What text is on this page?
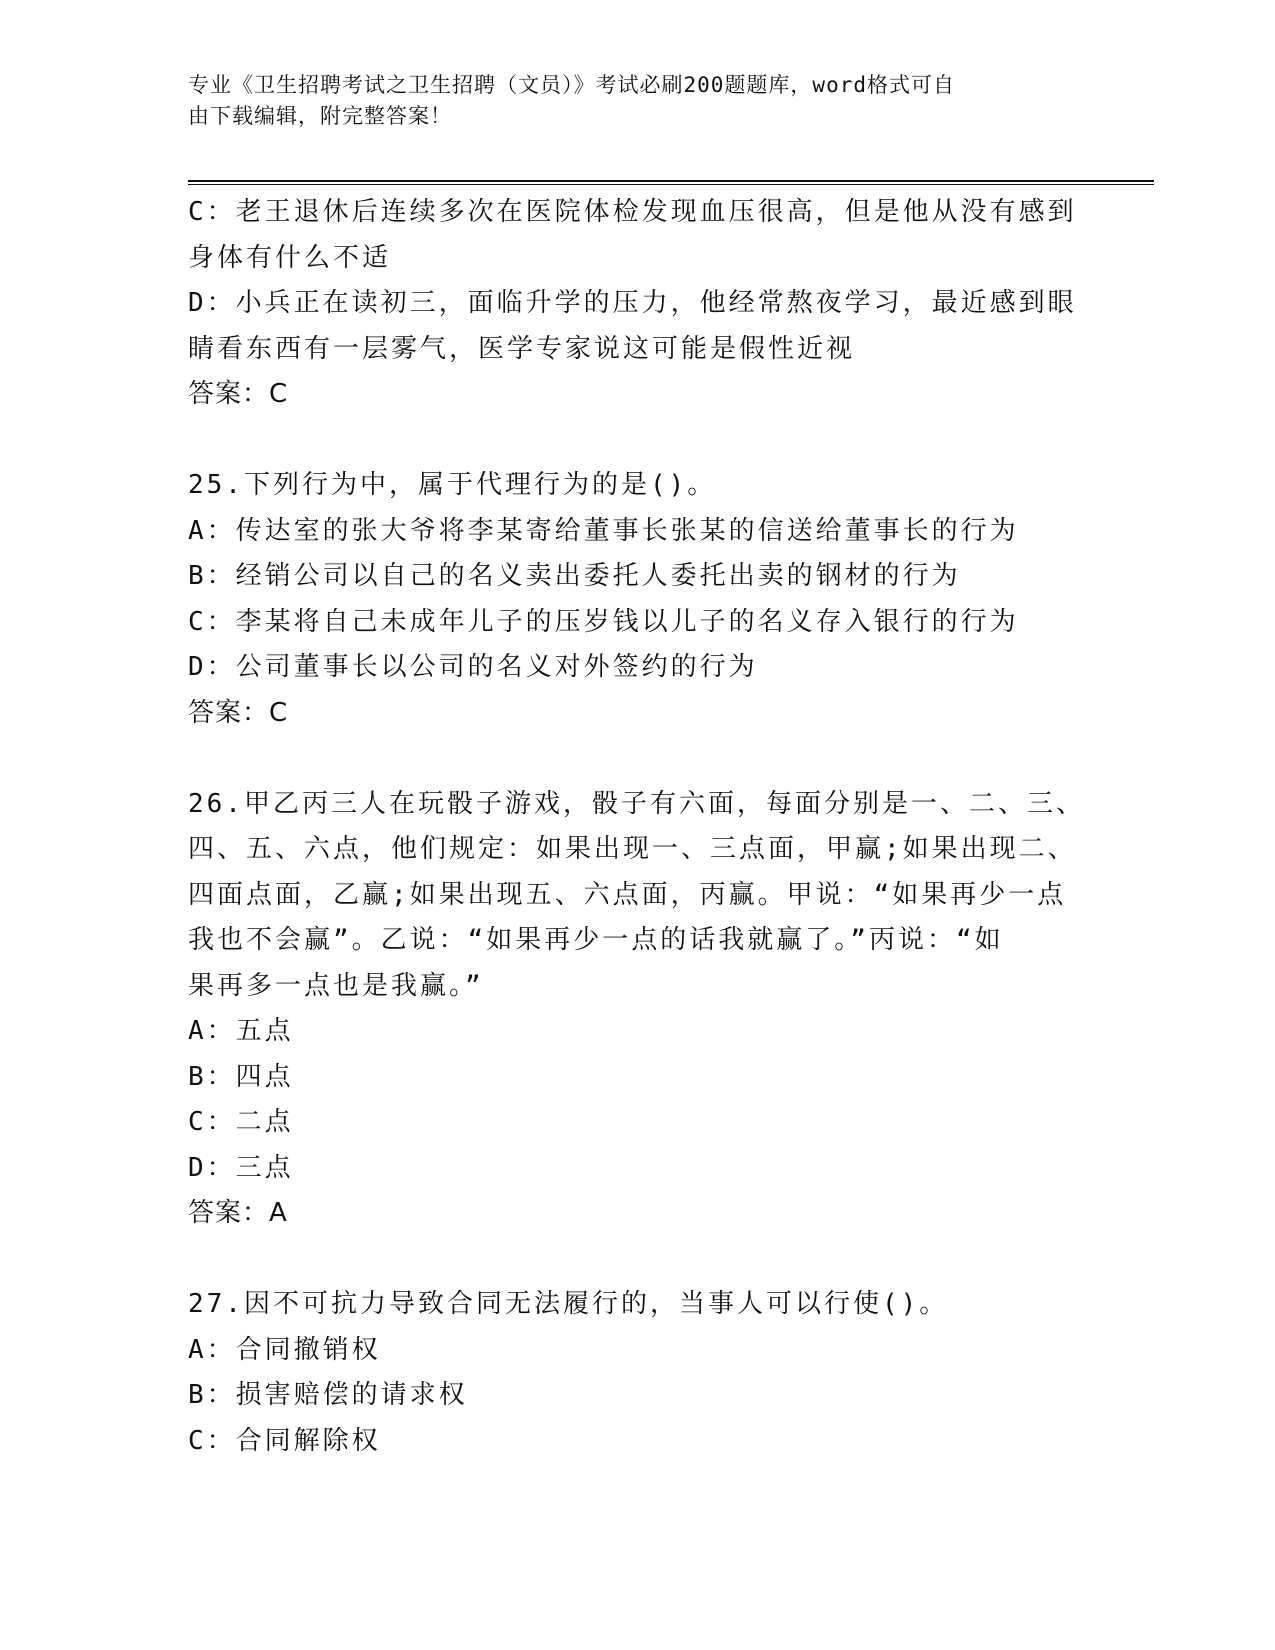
专业《卫生招聘考试之卫生招聘（文员）》考试必刷200题题库，word格式可自
由下载编辑，附完整答案！
C：老王退休后连续多次在医院体检发现血压很高，但是他从没有感到
身体有什么不适
D：小兵正在读初三，面临升学的压力，他经常熬夜学习，最近感到眼
睛看东西有一层雾气，医学专家说这可能是假性近视
答案：C
25.下列行为中，属于代理行为的是()。
A：传达室的张大爷将李某寄给董事长张某的信送给董事长的行为
B：经销公司以自己的名义卖出委托人委托出卖的钢材的行为
C：李某将自己未成年儿子的压岁钱以儿子的名义存入银行的行为
D：公司董事长以公司的名义对外签约的行为
答案：C
26.甲乙丙三人在玩骰子游戏，骰子有六面，每面分别是一、二、三、
四、五、六点，他们规定：如果出现一、三点面，甲赢;如果出现二、
四面点面，乙赢;如果出现五、六点面，丙赢。甲说：“如果再少一点
我也不会赢”。乙说：“如果再少一点的话我就赢了。”丙说：“如
果再多一点也是我赢。”
A：五点
B：四点
C：二点
D：三点
答案：A
27.因不可抗力导致合同无法履行的，当事人可以行使()。
A：合同撤销权
B：损害赔偿的请求权
C：合同解除权
